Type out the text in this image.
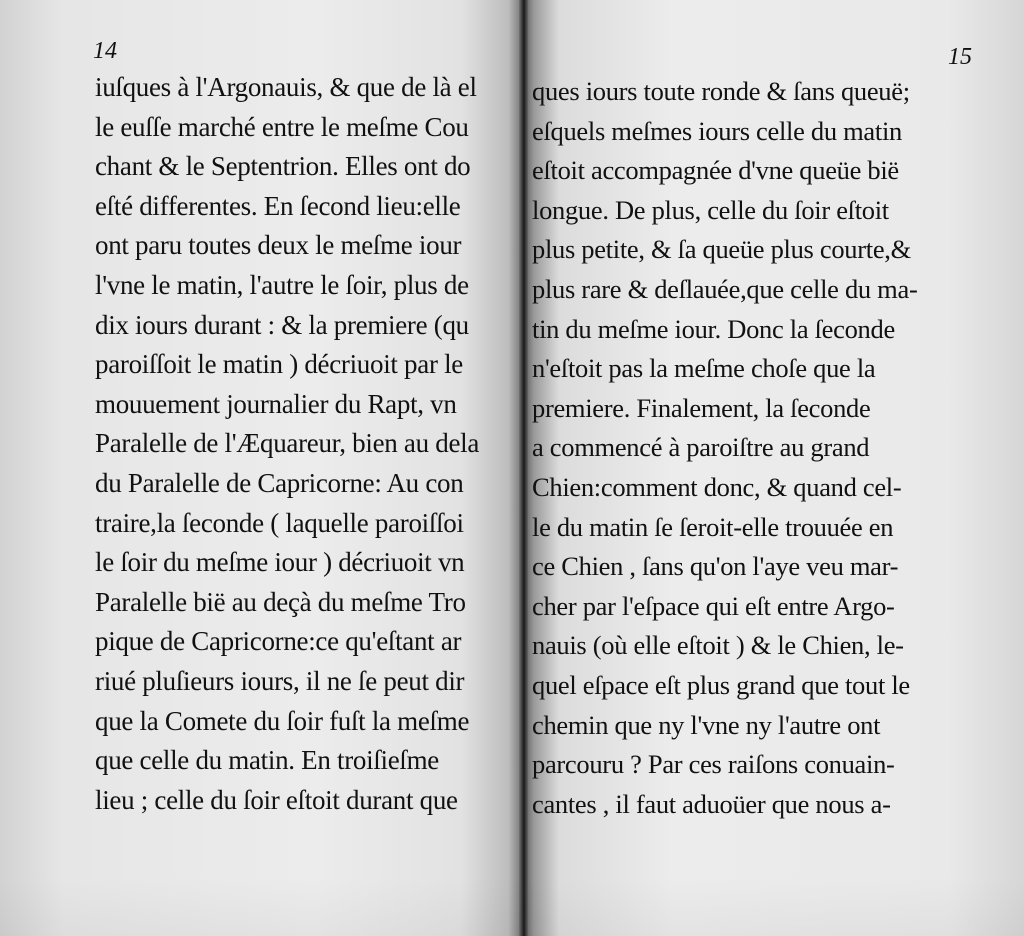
14
iuſques à l'Argonauis, & que de là el
le euſſe marché entre le meſme Cou
chant & le Septentrion. Elles ont do
eſté differentes. En ſecond lieu:elle
ont paru toutes deux le meſme iour
l'vne le matin, l'autre le ſoir, plus de
dix iours durant : & la premiere (qu
paroiſſoit le matin ) décriuoit par le
mouuement journalier du Rapt, vn
Paralelle de l'Æquareur, bien au dela
du Paralelle de Capricorne: Au con
traire,la ſeconde ( laquelle paroiſſoi
le ſoir du meſme iour ) décriuoit vn
Paralelle bië au deçà du meſme Tro
pique de Capricorne:ce qu'eſtant ar
riué pluſieurs iours, il ne ſe peut dir
que la Comete du ſoir fuſt la meſme
que celle du matin. En troiſieſme
lieu ; celle du ſoir eſtoit durant que
15
ques iours toute ronde & ſans queuë;
eſquels meſmes iours celle du matin
eſtoit accompagnée d'vne queüe bië
longue. De plus, celle du ſoir eſtoit
plus petite, & ſa queüe plus courte,&
plus rare & deſlauée,que celle du ma-
tin du meſme iour. Donc la ſeconde
n'eſtoit pas la meſme choſe que la
premiere. Finalement, la ſeconde
a commencé à paroiſtre au grand
Chien:comment donc, & quand cel-
le du matin ſe ſeroit-elle trouuée en
ce Chien , ſans qu'on l'aye veu mar-
cher par l'eſpace qui eſt entre Argo-
nauis (où elle eſtoit ) & le Chien, le-
quel eſpace eſt plus grand que tout le
chemin que ny l'vne ny l'autre ont
parcouru ? Par ces raiſons conuain-
cantes , il faut aduoüer que nous a-
